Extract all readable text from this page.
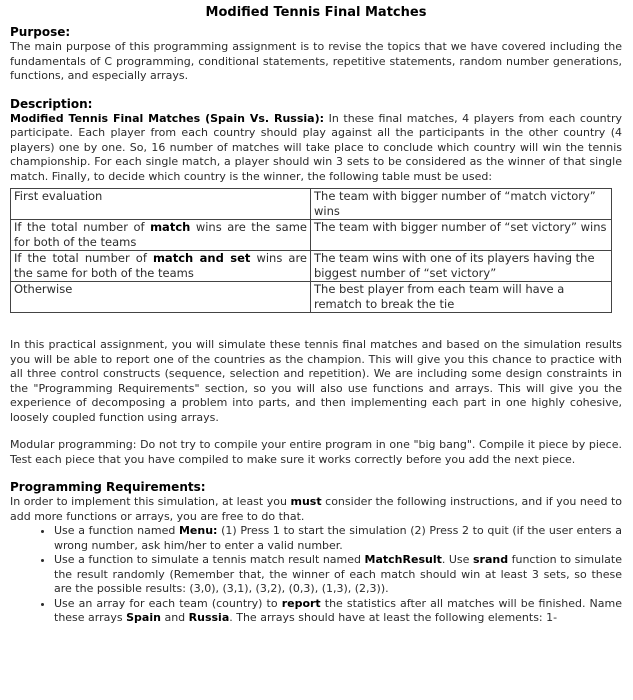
Modified Tennis Final Matches
Purpose:

The main purpose of this programming assignment is to revise the topics that we have covered including the fundamentals of C programming, conditional statements, repetitive statements, random number generations, functions, and especially arrays.

Description:

Modified Tennis Final Matches (Spain Vs. Russia): In these final matches, 4 players from each country participate. Each player from each country should play against all the participants in the other country (4 players) one by one. So, 16 number of matches will take place to conclude which country will win the tennis championship. For each single match, a player should win 3 sets to be considered as the winner of that single match. Finally, to decide which country is the winner, the following table must be used:

First evaluation	The team with bigger number of “match victory” wins
If the total number of match wins are the same for both of the teams	The team with bigger number of “set victory” wins
If the total number of match and set wins are the same for both of the teams	The team wins with one of its players having the biggest number of “set victory”
Otherwise	The best player from each team will have a rematch to break the tie

In this practical assignment, you will simulate these tennis final matches and based on the simulation results you will be able to report one of the countries as the champion. This will give you this chance to practice with all three control constructs (sequence, selection and repetition). We are including some design constraints in the "Programming Requirements" section, so you will also use functions and arrays. This will give you the experience of decomposing a problem into parts, and then implementing each part in one highly cohesive, loosely coupled function using arrays.

Modular programming: Do not try to compile your entire program in one "big bang". Compile it piece by piece. Test each piece that you have compiled to make sure it works correctly before you add the next piece.

Programming Requirements:

In order to implement this simulation, at least you must consider the following instructions, and if you need to add more functions or arrays, you are free to do that.

• Use a function named Menu: (1) Press 1 to start the simulation (2) Press 2 to quit (if the user enters a wrong number, ask him/her to enter a valid number.
• Use a function to simulate a tennis match result named MatchResult. Use srand function to simulate the result randomly (Remember that, the winner of each match should win at least 3 sets, so these are the possible results: (3,0), (3,1), (3,2), (0,3), (1,3), (2,3)).
• Use an array for each team (country) to report the statistics after all matches will be finished. Name these arrays Spain and Russia. The arrays should have at least the following elements: 1-
